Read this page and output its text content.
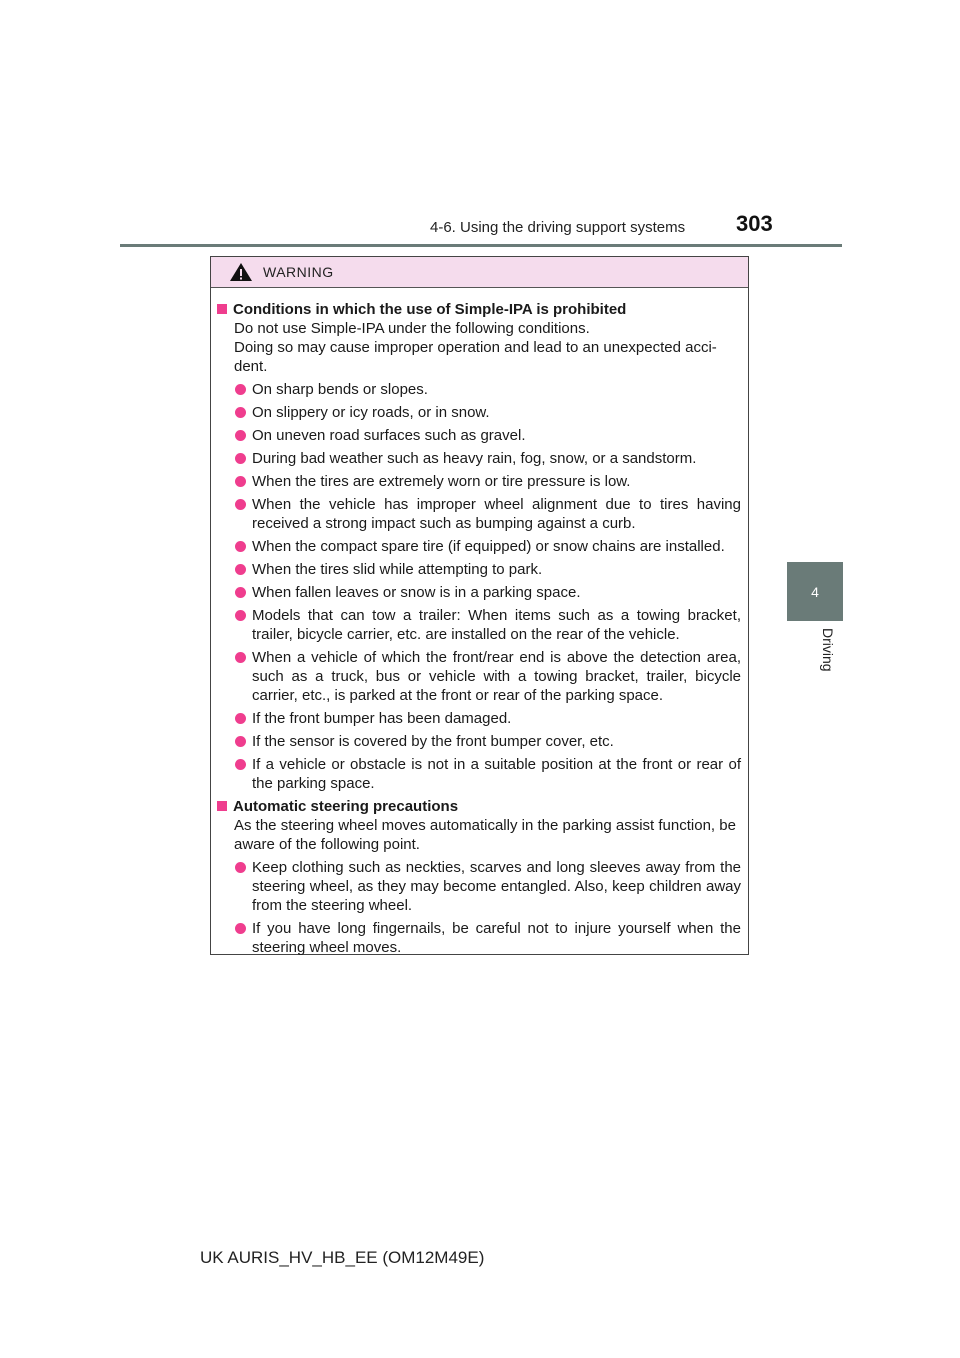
4-6. Using the driving support systems 303
4
Driving
WARNING
Conditions in which the use of Simple-IPA is prohibited
Do not use Simple-IPA under the following conditions.
Doing so may cause improper operation and lead to an unexpected acci-dent.
On sharp bends or slopes.
On slippery or icy roads, or in snow.
On uneven road surfaces such as gravel.
During bad weather such as heavy rain, fog, snow, or a sandstorm.
When the tires are extremely worn or tire pressure is low.
When the vehicle has improper wheel alignment due to tires having received a strong impact such as bumping against a curb.
When the compact spare tire (if equipped) or snow chains are installed.
When the tires slid while attempting to park.
When fallen leaves or snow is in a parking space.
Models that can tow a trailer: When items such as a towing bracket, trailer, bicycle carrier, etc. are installed on the rear of the vehicle.
When a vehicle of which the front/rear end is above the detection area, such as a truck, bus or vehicle with a towing bracket, trailer, bicycle carrier, etc., is parked at the front or rear of the parking space.
If the front bumper has been damaged.
If the sensor is covered by the front bumper cover, etc.
If a vehicle or obstacle is not in a suitable position at the front or rear of the parking space.
Automatic steering precautions
As the steering wheel moves automatically in the parking assist function, be aware of the following point.
Keep clothing such as neckties, scarves and long sleeves away from the steering wheel, as they may become entangled. Also, keep children away from the steering wheel.
If you have long fingernails, be careful not to injure yourself when the steering wheel moves.
UK AURIS_HV_HB_EE (OM12M49E)
